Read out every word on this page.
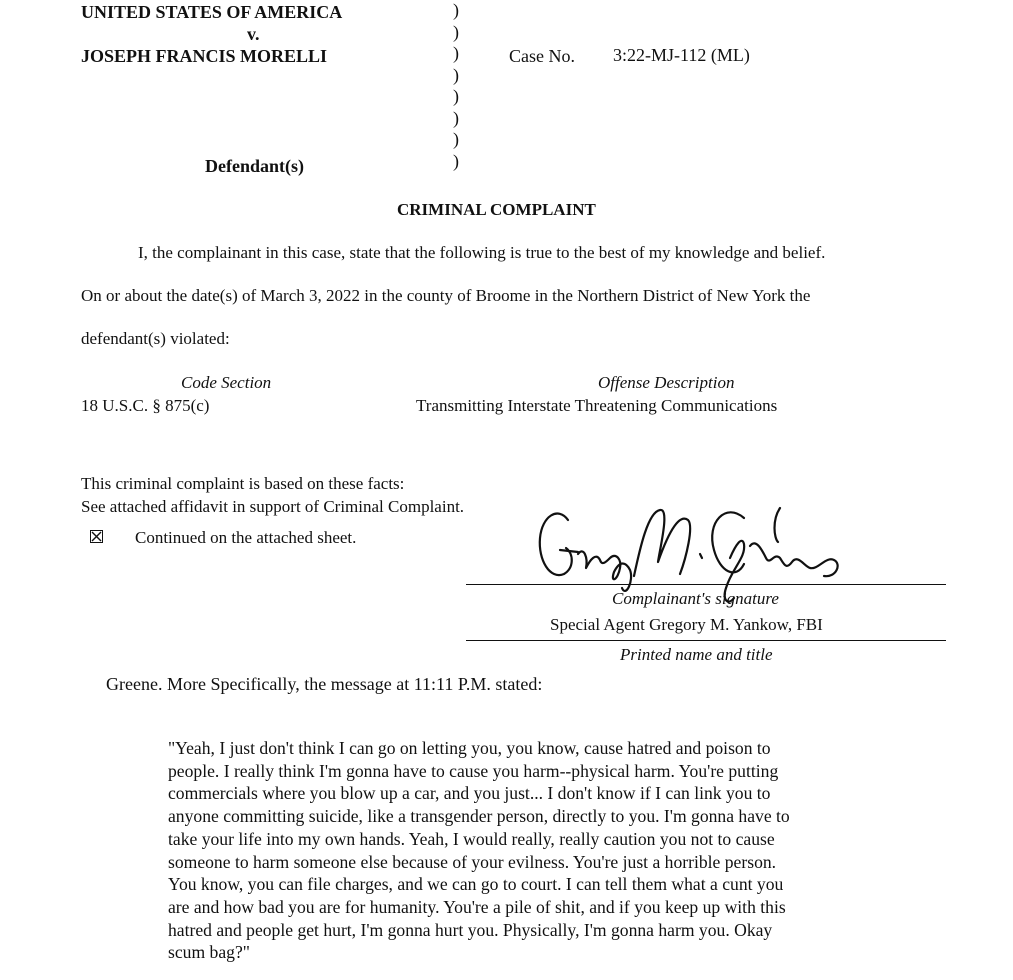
UNITED STATES OF AMERICA
v.
JOSEPH FRANCIS MORELLI
Defendant(s)
)
)
)
)
)
)
)
)
Case No. 3:22-MJ-112 (ML)
CRIMINAL COMPLAINT
I, the complainant in this case, state that the following is true to the best of my knowledge and belief.
On or about the date(s) of March 3, 2022 in the county of Broome in the Northern District of New York the
defendant(s) violated:
Code Section	Offense Description
18 U.S.C. § 875(c)	Transmitting Interstate Threatening Communications
This criminal complaint is based on these facts:
See attached affidavit in support of Criminal Complaint.
Continued on the attached sheet.
Complainant's signature
Special Agent Gregory M. Yankow, FBI
Printed name and title
Greene. More Specifically, the message at 11:11 P.M. stated:
"Yeah, I just don't think I can go on letting you, you know, cause hatred and poison to
people. I really think I'm gonna have to cause you harm--physical harm. You're putting
commercials where you blow up a car, and you just... I don't know if I can link you to
anyone committing suicide, like a transgender person, directly to you. I'm gonna have to
take your life into my own hands. Yeah, I would really, really caution you not to cause
someone to harm someone else because of your evilness. You're just a horrible person.
You know, you can file charges, and we can go to court. I can tell them what a cunt you
are and how bad you are for humanity. You're a pile of shit, and if you keep up with this
hatred and people get hurt, I'm gonna hurt you. Physically, I'm gonna harm you. Okay
scum bag?"
